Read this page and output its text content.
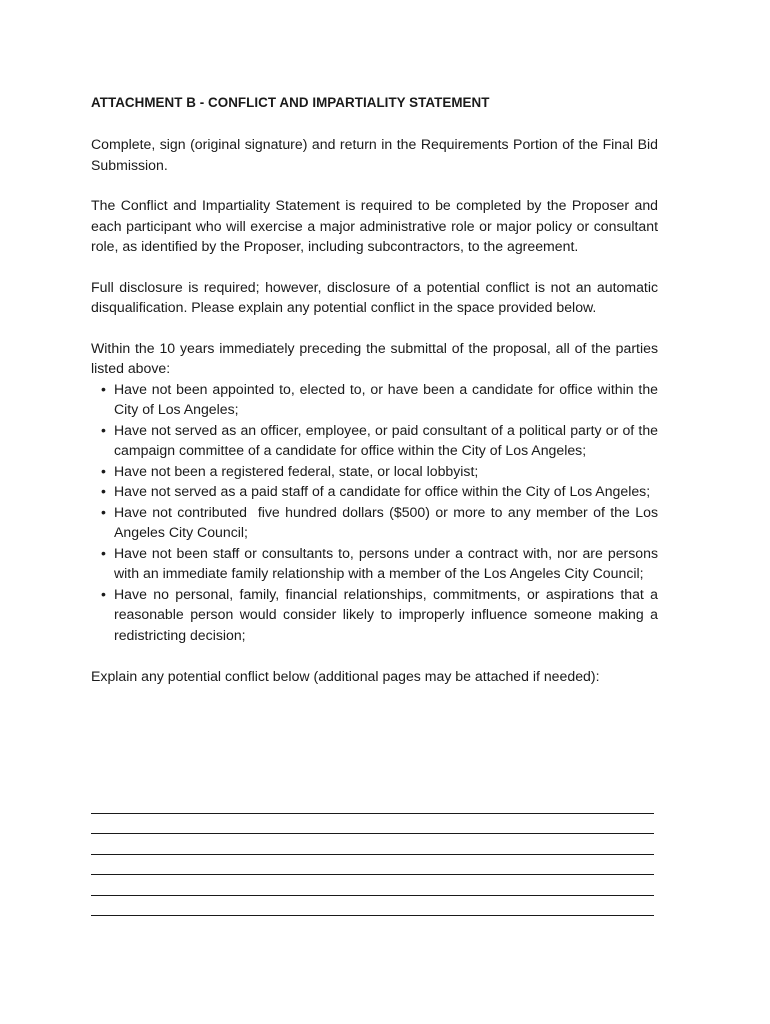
ATTACHMENT B - CONFLICT AND IMPARTIALITY STATEMENT

Complete, sign (original signature) and return in the Requirements Portion of the Final Bid Submission.

The Conflict and Impartiality Statement is required to be completed by the Proposer and each participant who will exercise a major administrative role or major policy or consultant role, as identified by the Proposer, including subcontractors, to the agreement.

Full disclosure is required; however, disclosure of a potential conflict is not an automatic disqualification. Please explain any potential conflict in the space provided below.

Within the 10 years immediately preceding the submittal of the proposal, all of the parties listed above:

• Have not been appointed to, elected to, or have been a candidate for office within the City of Los Angeles;
• Have not served as an officer, employee, or paid consultant of a political party or of the campaign committee of a candidate for office within the City of Los Angeles;
• Have not been a registered federal, state, or local lobbyist;
• Have not served as a paid staff of a candidate for office within the City of Los Angeles;
• Have not contributed  five hundred dollars ($500) or more to any member of the Los Angeles City Council;
• Have not been staff or consultants to, persons under a contract with, nor are persons with an immediate family relationship with a member of the Los Angeles City Council;
• Have no personal, family, financial relationships, commitments, or aspirations that a reasonable person would consider likely to improperly influence someone making a redistricting decision;

Explain any potential conflict below (additional pages may be attached if needed):
